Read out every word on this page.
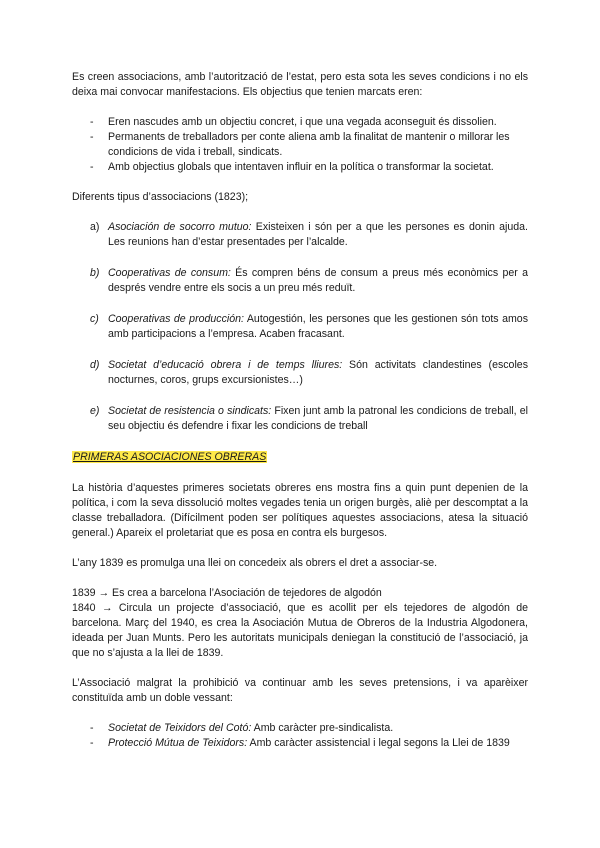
Es creen associacions, amb l’autorització de l’estat, pero esta sota les seves condicions i no els deixa mai convocar manifestacions. Els objectius que tenien marcats eren:

- Eren nascudes amb un objectiu concret, i que una vegada aconseguit és dissolien.
- Permanents de treballadors per conte aliena amb la finalitat de mantenir o millorar les condicions de vida i treball, sindicats.
- Amb objectius globals que intentaven influir en la política o transformar la societat.

Diferents tipus d’associacions (1823);

a) Asociación de socorro mutuo: Existeixen i són per a que les persones es donin ajuda. Les reunions han d’estar presentades per l’alcalde.
b) Cooperativas de consum: És compren béns de consum a preus més econòmics per a després vendre entre els socis a un preu més reduït.
c) Cooperativas de producción: Autogestión, les persones que les gestionen són tots amos amb participacions a l’empresa. Acaben fracasant.
d) Societat d’educació obrera i de temps lliures: Són activitats clandestines (escoles nocturnes, coros, grups excursionistes…)
e) Societat de resistencia o sindicats: Fixen junt amb la patronal les condicions de treball, el seu objectiu és defendre i fixar les condicions de treball
PRIMERAS ASOCIACIONES OBRERAS

La història d’aquestes primeres societats obreres ens mostra fins a quin punt depenien de la política, i com la seva dissolució moltes vegades tenia un origen burgès, aliè per descomptat a la classe treballadora. (Difícilment poden ser polítiques aquestes associacions, atesa la situació general.) Apareix el proletariat que es posa en contra els burgesos.

L’any 1839 es promulga una llei on concedeix als obrers el dret a associar-se.

1839 → Es crea a barcelona l’Asociación de tejedores de algodón

1840 → Circula un projecte d’associació, que es acollit per els tejedores de algodón de barcelona. Març del 1940, es crea la Asociación Mutua de Obreros de la Industria Algodonera, ideada per Juan Munts. Pero les autoritats municipals deniegan la constitució de l’associació, ja que no s’ajusta a la llei de 1839.

L’Associació malgrat la prohibició va continuar amb les seves pretensions, i va aparèixer constituïda amb un doble vessant:

- Societat de Teixidors del Cotó: Amb caràcter pre-sindicalista.
- Protecció Mútua de Teixidors: Amb caràcter assistencial i legal segons la Llei de 1839
